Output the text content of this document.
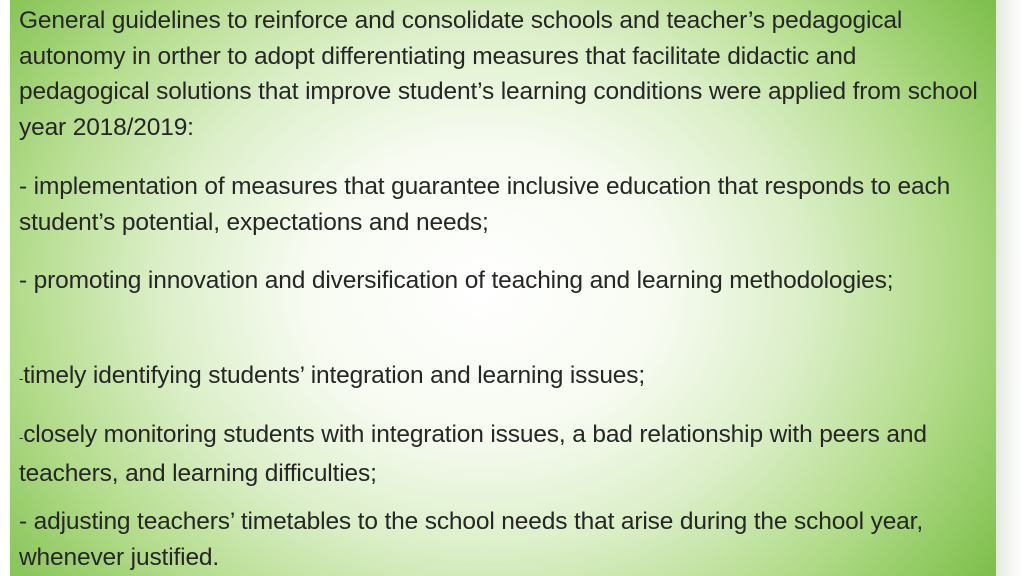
General guidelines to reinforce and consolidate schools and teacher’s pedagogical autonomy in orther to adopt differentiating measures that facilitate didactic and pedagogical solutions that improve student’s learning conditions were applied from school year 2018/2019:

- implementation of measures that guarantee inclusive education that responds to each student’s potential, expectations and needs;

- promoting innovation and diversification of teaching and learning methodologies;

-timely identifying students’ integration and learning issues;

-closely monitoring students with integration issues, a bad relationship with peers and teachers, and learning difficulties;

- adjusting teachers’ timetables to the school needs that arise during the school year, whenever justified.
